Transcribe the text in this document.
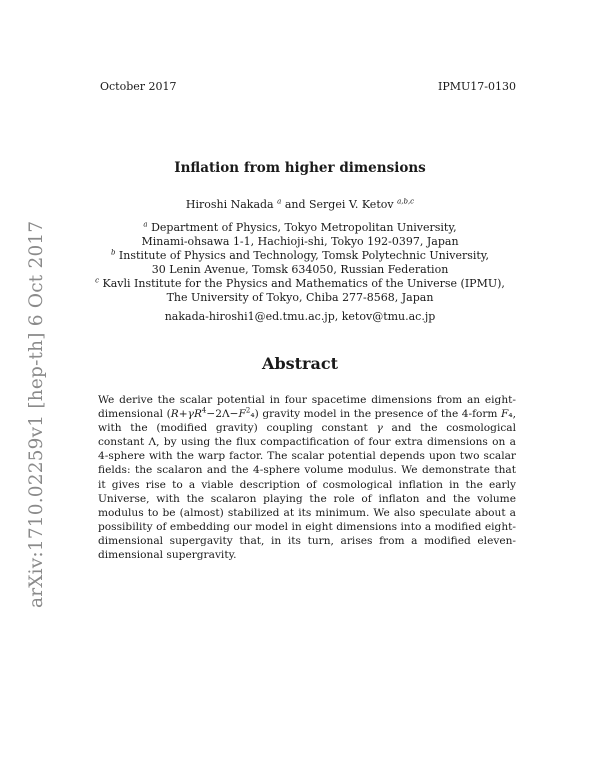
October 2017	IPMU17-0130
arXiv:1710.02259v1 [hep-th] 6 Oct 2017
Inflation from higher dimensions
Hiroshi Nakada $^a$ and Sergei V. Ketov $^{a,b,c}$
$^a$ Department of Physics, Tokyo Metropolitan University,
Minami-ohsawa 1-1, Hachioji-shi, Tokyo 192-0397, Japan
$^b$ Institute of Physics and Technology, Tomsk Polytechnic University,
30 Lenin Avenue, Tomsk 634050, Russian Federation
$^c$ Kavli Institute for the Physics and Mathematics of the Universe (IPMU),
The University of Tokyo, Chiba 277-8568, Japan
nakada-hiroshi1@ed.tmu.ac.jp, ketov@tmu.ac.jp
Abstract

We derive the scalar potential in four spacetime dimensions from an eight-dimensional $(R+\gamma R^4-2\Lambda-F^2_4)$ gravity model in the presence of the 4-form F₄, with the (modified gravity) coupling constant γ and the cosmological constant Λ, by using the flux compactification of four extra dimensions on a 4-sphere with the warp factor. The scalar potential depends upon two scalar fields: the scalaron and the 4-sphere volume modulus. We demonstrate that it gives rise to a viable description of cosmological inflation in the early Universe, with the scalaron playing the role of inflaton and the volume modulus to be (almost) stabilized at its minimum. We also speculate about a possibility of embedding our model in eight dimensions into a modified eight-dimensional supergavity that, in its turn, arises from a modified eleven-dimensional supergravity.
